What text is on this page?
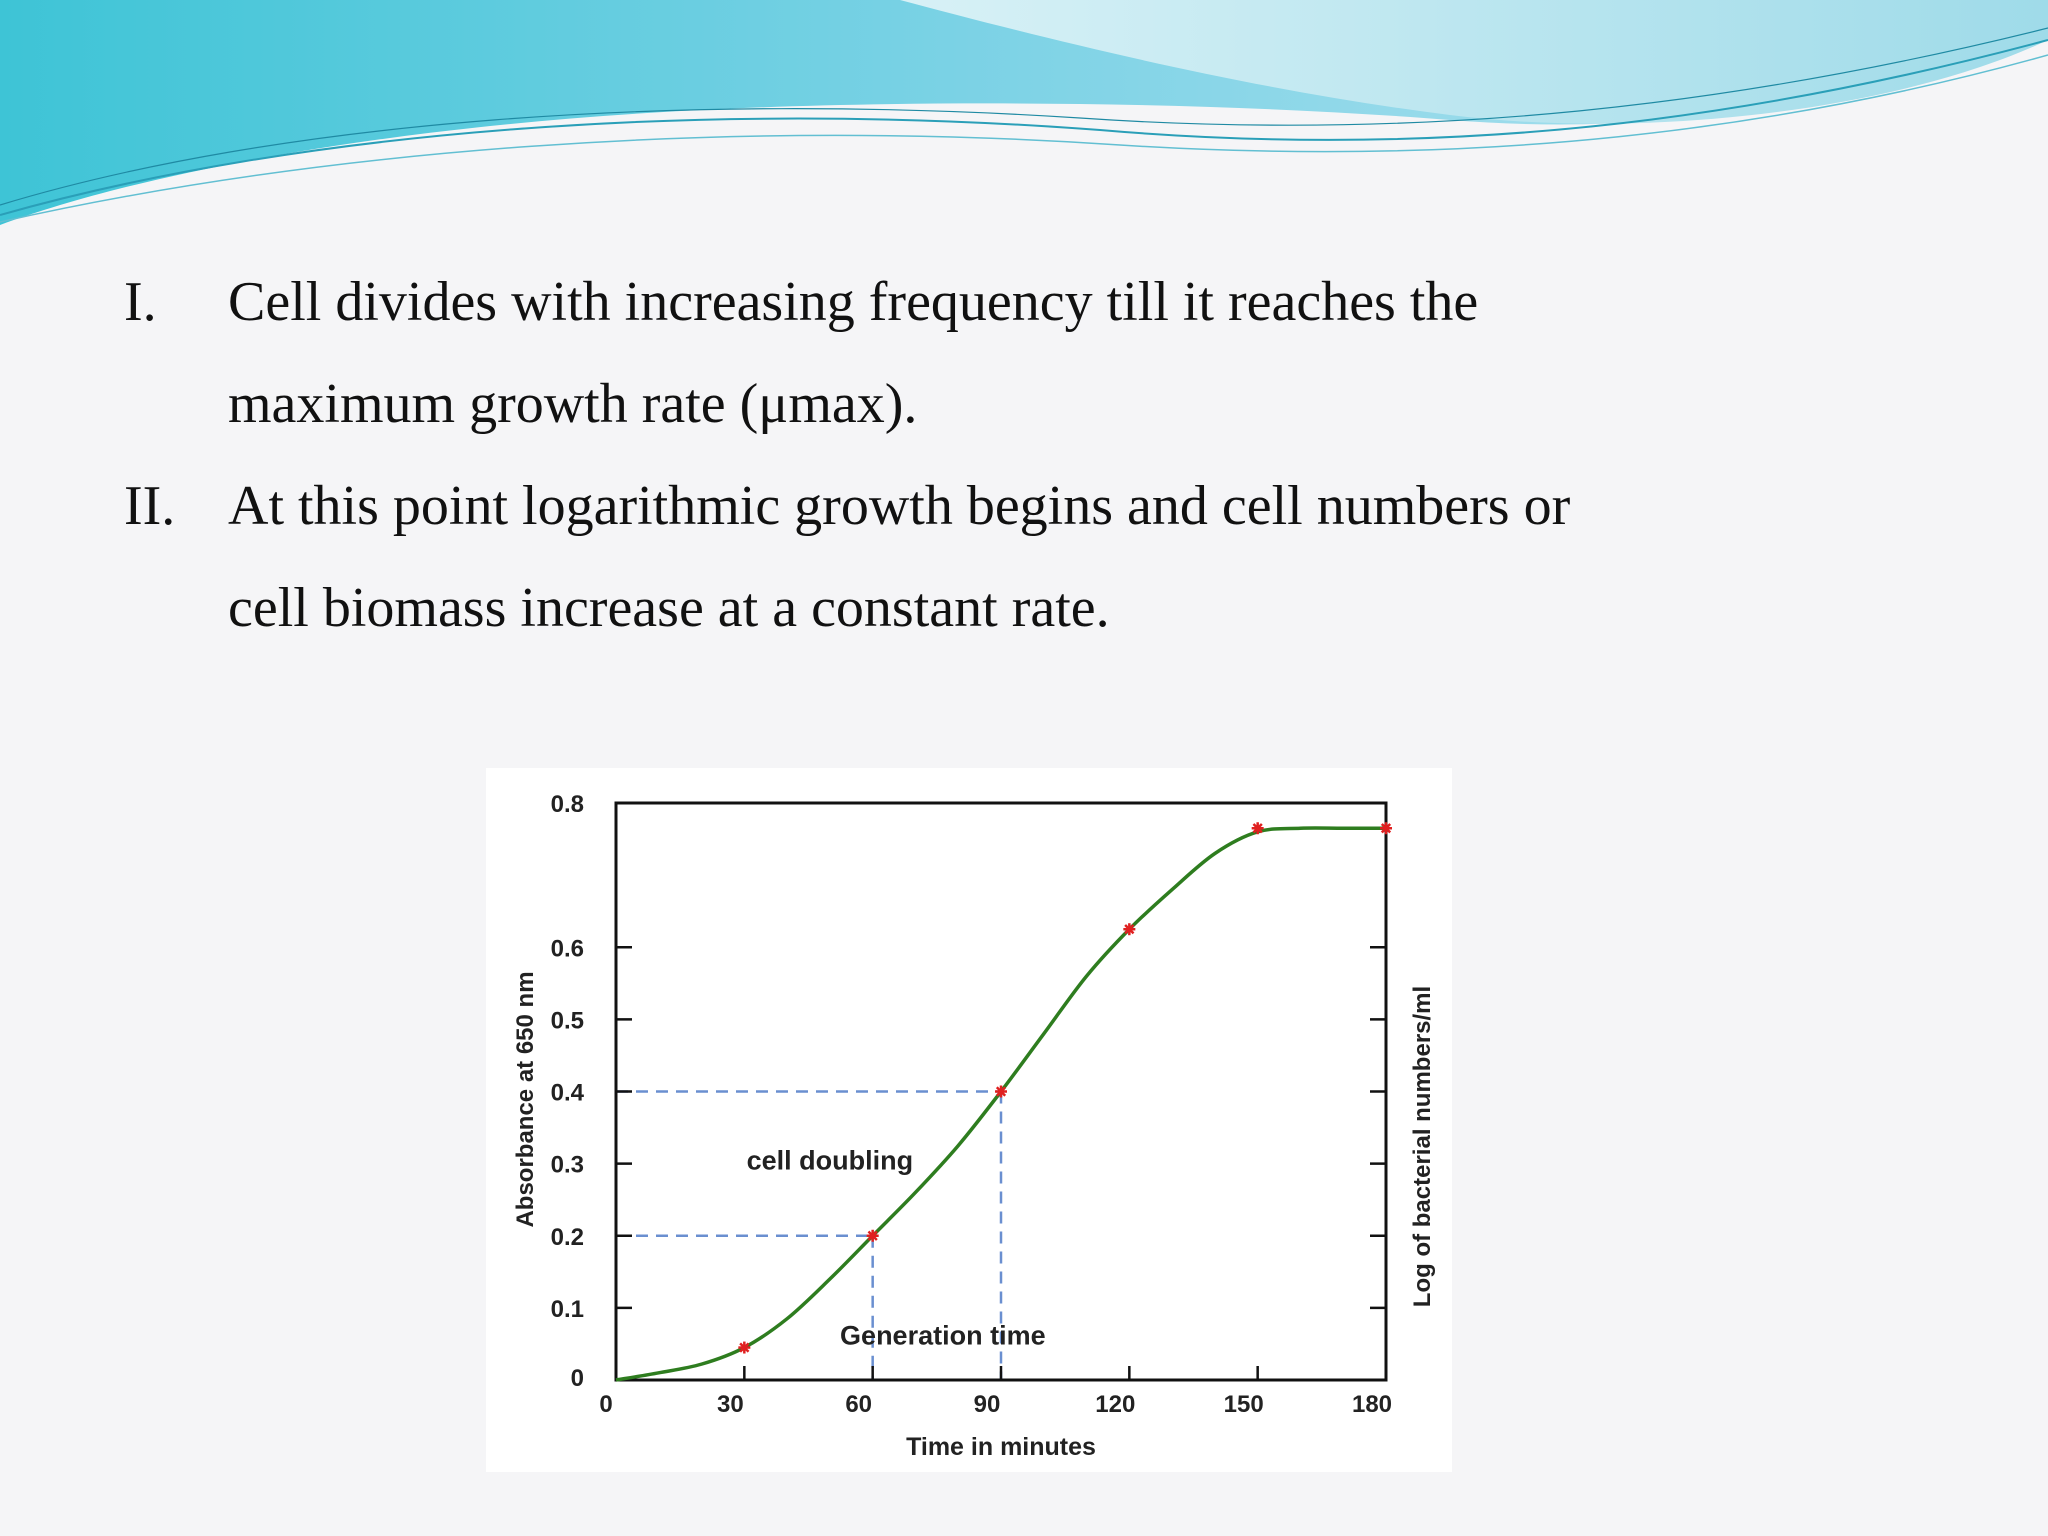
I. Cell divides with increasing frequency till it reaches the
maximum growth rate (μmax).
II. At this point logarithmic growth begins and cell numbers or
cell biomass increase at a constant rate.
0
0.1
0.2
0.3
0.4
0.5
0.6
0.8
0	30	60	90	120	150	180
Time in minutes
Absorbance at 650 nm	Log of bacterial numbers/ml
cell doubling
Generation time
